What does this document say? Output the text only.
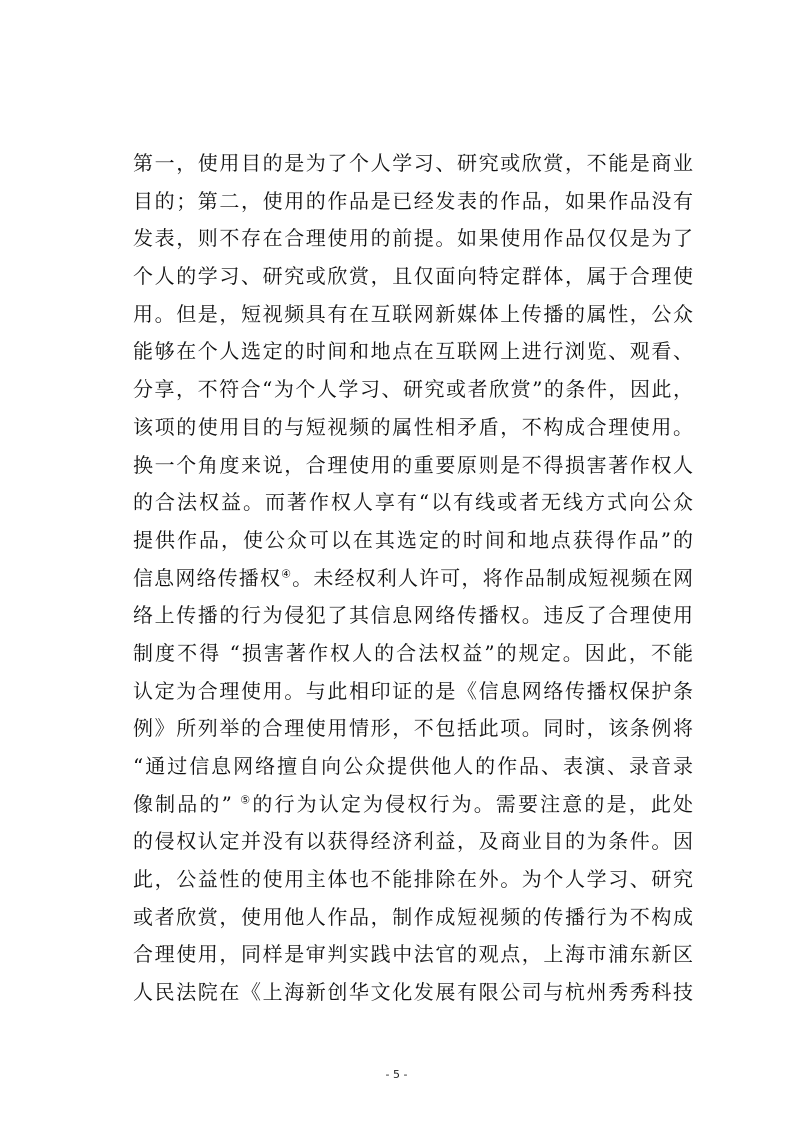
第一，使用目的是为了个人学习、研究或欣赏，不能是商业
目的；第二，使用的作品是已经发表的作品，如果作品没有
发表，则不存在合理使用的前提。如果使用作品仅仅是为了
个人的学习、研究或欣赏，且仅面向特定群体，属于合理使
用。但是，短视频具有在互联网新媒体上传播的属性，公众
能够在个人选定的时间和地点在互联网上进行浏览、观看、
分享，不符合“为个人学习、研究或者欣赏”的条件，因此，
该项的使用目的与短视频的属性相矛盾，不构成合理使用。
换一个角度来说，合理使用的重要原则是不得损害著作权人
的合法权益。而著作权人享有“以有线或者无线方式向公众
提供作品，使公众可以在其选定的时间和地点获得作品”的
信息网络传播权④。未经权利人许可，将作品制成短视频在网
络上传播的行为侵犯了其信息网络传播权。违反了合理使用
制度不得 “损害著作权人的合法权益”的规定。因此，不能
认定为合理使用。与此相印证的是《信息网络传播权保护条
例》所列举的合理使用情形，不包括此项。同时，该条例将
“通过信息网络擅自向公众提供他人的作品、表演、录音录
像制品的” ⑤的行为认定为侵权行为。需要注意的是，此处
的侵权认定并没有以获得经济利益，及商业目的为条件。因
此，公益性的使用主体也不能排除在外。为个人学习、研究
或者欣赏，使用他人作品，制作成短视频的传播行为不构成
合理使用，同样是审判实践中法官的观点，上海市浦东新区
人民法院在《上海新创华文化发展有限公司与杭州秀秀科技
- 5 -
